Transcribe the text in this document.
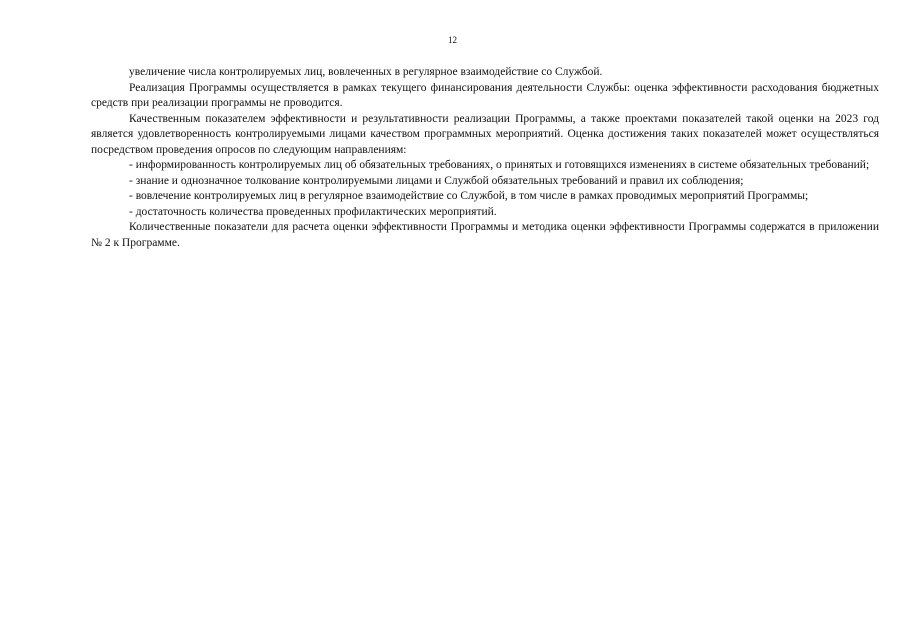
12

увеличение числа контролируемых лиц, вовлеченных в регулярное взаимодействие со Службой.

Реализация Программы осуществляется в рамках текущего финансирования деятельности Службы: оценка эффективности расходования бюджетных средств при реализации программы не проводится.

Качественным показателем эффективности и результативности реализации Программы, а также проектами показателей такой оценки на 2023 год является удовлетворенность контролируемыми лицами качеством программных мероприятий. Оценка достижения таких показателей может осуществляться посредством проведения опросов по следующим направлениям:

- информированность контролируемых лиц об обязательных требованиях, о принятых и готовящихся изменениях в системе обязательных требований;

- знание и однозначное толкование контролируемыми лицами и Службой обязательных требований и правил их соблюдения;

- вовлечение контролируемых лиц в регулярное взаимодействие со Службой, в том числе в рамках проводимых мероприятий Программы;

- достаточность количества проведенных профилактических мероприятий.

Количественные показатели для расчета оценки эффективности Программы и методика оценки эффективности Программы содержатся в приложении № 2 к Программе.
